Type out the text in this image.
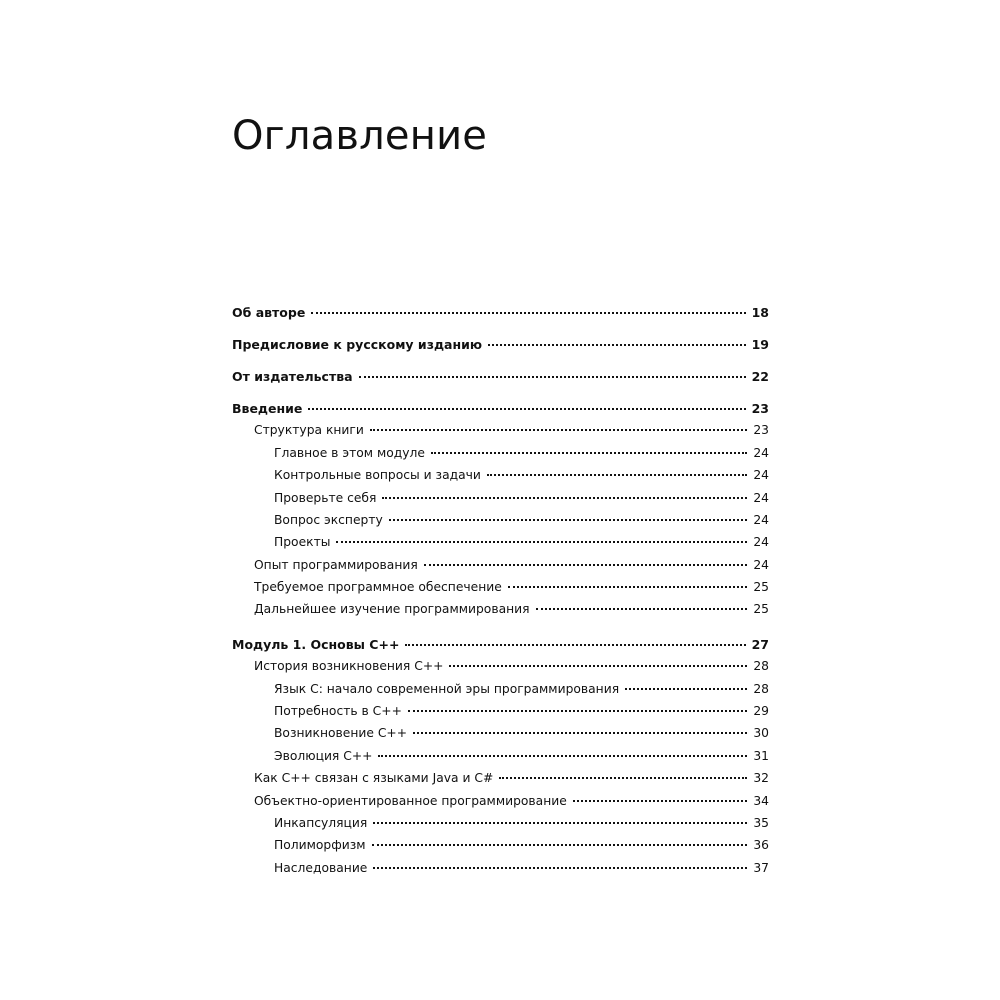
Оглавление
Об авторе	18
Предисловие к русскому изданию	19
От издательства	22
Введение	23
Структура книги	23
Главное в этом модуле	24
Контрольные вопросы и задачи	24
Проверьте себя	24
Вопрос эксперту	24
Проекты	24
Опыт программирования	24
Требуемое программное обеспечение	25
Дальнейшее изучение программирования	25
Модуль 1. Основы С++	27
История возникновения С++	28
Язык С: начало современной эры программирования	28
Потребность в С++	29
Возникновение С++	30
Эволюция С++	31
Как С++ связан с языками Java и С#	32
Объектно-ориентированное программирование	34
Инкапсуляция	35
Полиморфизм	36
Наследование	37
